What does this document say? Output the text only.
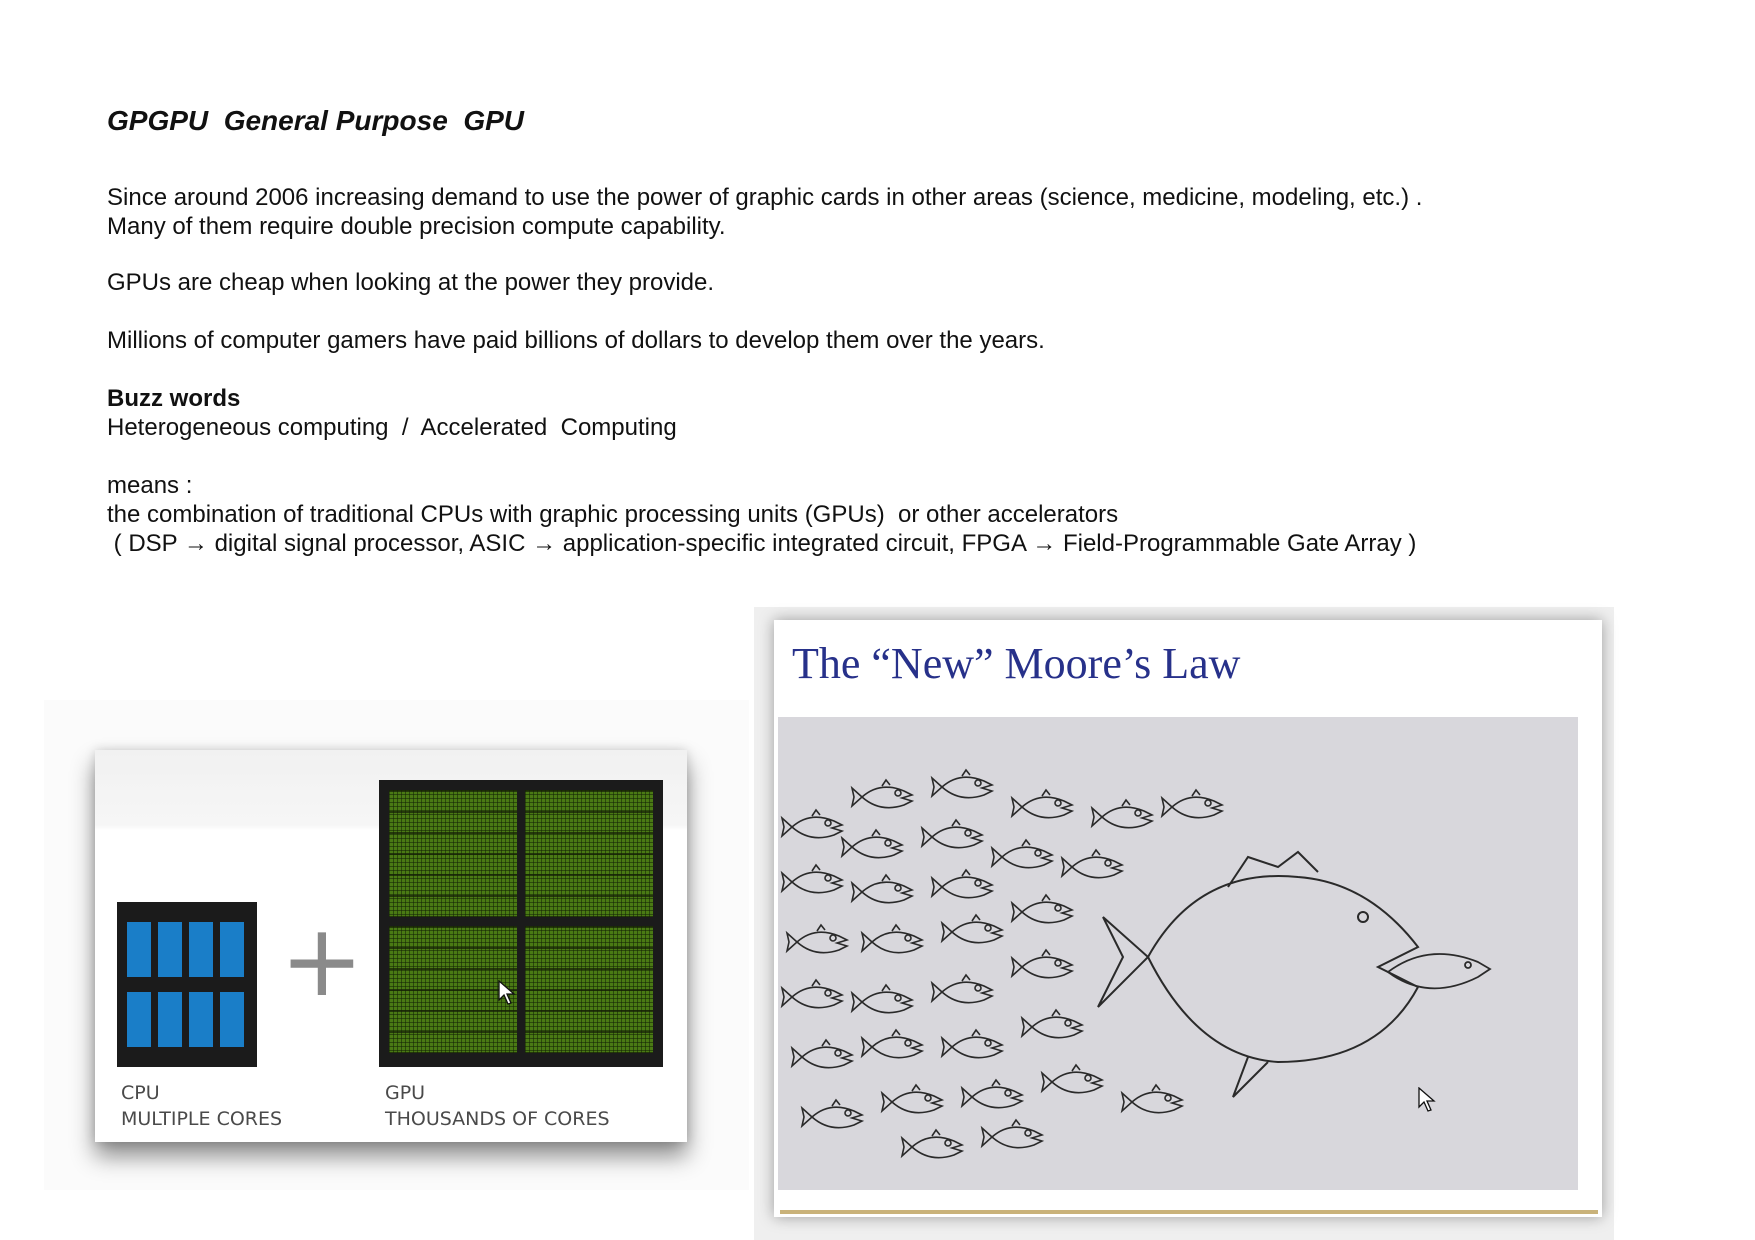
GPGPU  General Purpose  GPU
Since around 2006 increasing demand to use the power of graphic cards in other areas (science, medicine, modeling, etc.) .
Many of them require double precision compute capability.
GPUs are cheap when looking at the power they provide.
Millions of computer gamers have paid billions of dollars to develop them over the years.
Buzz words
Heterogeneous computing  /  Accelerated  Computing
means :
the combination of traditional CPUs with graphic processing units (GPUs)  or other accelerators
( DSP → digital signal processor, ASIC → application-specific integrated circuit, FPGA → Field-Programmable Gate Array )
+
CPU
MULTIPLE CORES
GPU
THOUSANDS OF CORES
The “New” Moore’s Law
